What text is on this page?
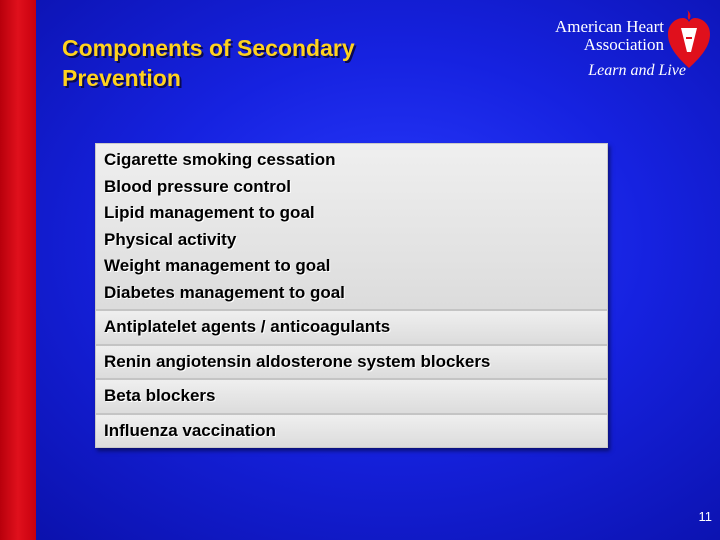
Components of Secondary Prevention
American Heart
Association
Learn and Live
Cigarette smoking cessation
Blood pressure control
Lipid management to goal
Physical activity
Weight management to goal
Diabetes management to goal
Antiplatelet agents / anticoagulants
Renin angiotensin aldosterone system blockers
Beta blockers
Influenza vaccination
11
